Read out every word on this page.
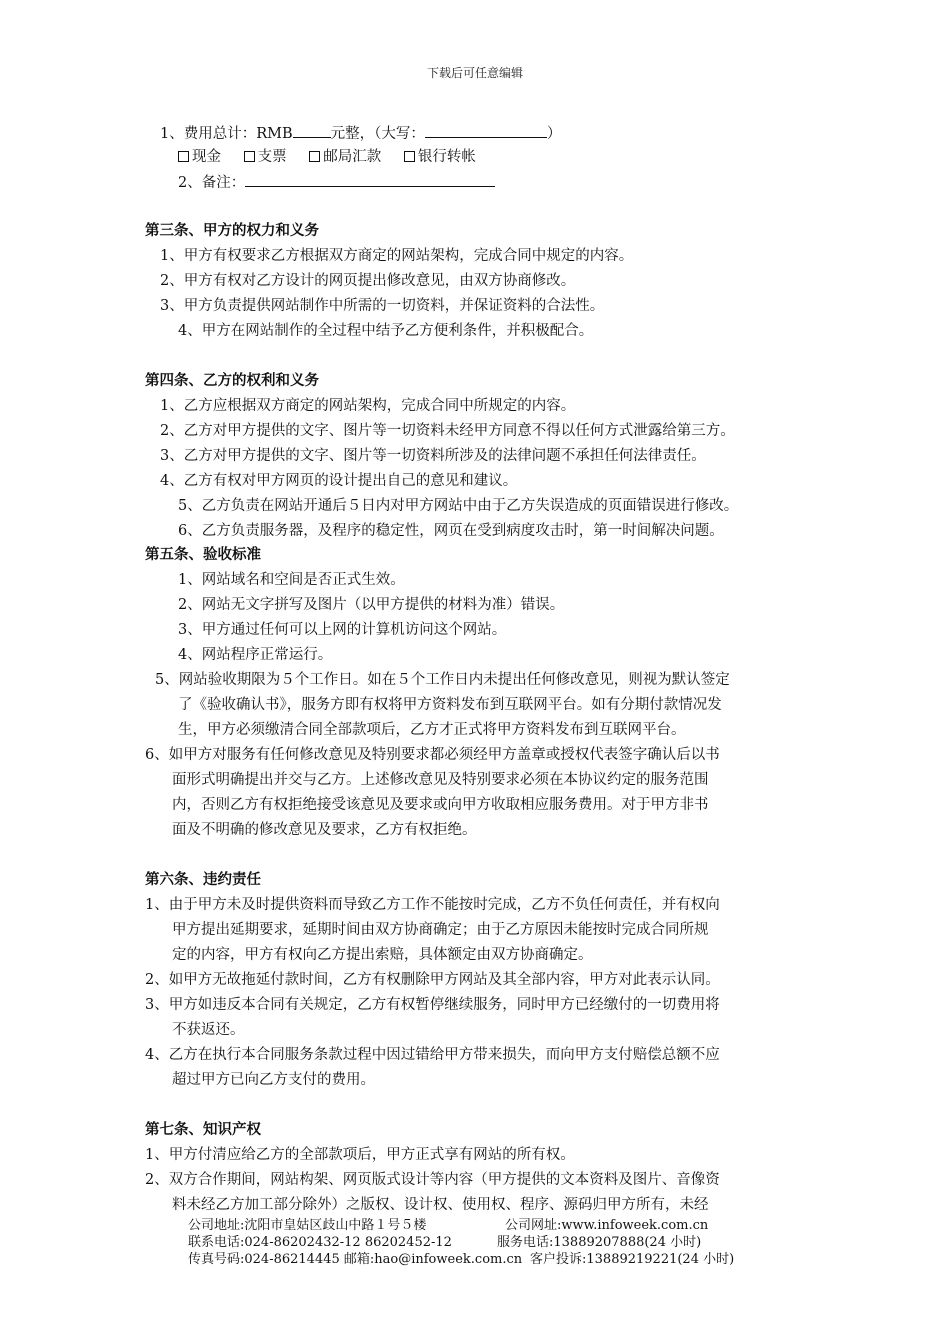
下载后可任意编辑
1、费用总计：RMB	元整，（大写：	）
现金	支票	邮局汇款	银行转帐
2、备注：
第三条、甲方的权力和义务
1、甲方有权要求乙方根据双方商定的网站架构，完成合同中规定的内容。
2、甲方有权对乙方设计的网页提出修改意见，由双方协商修改。
3、甲方负责提供网站制作中所需的一切资料，并保证资料的合法性。
4、甲方在网站制作的全过程中结予乙方便利条件，并积极配合。
第四条、乙方的权利和义务
1、乙方应根据双方商定的网站架构，完成合同中所规定的内容。
2、乙方对甲方提供的文字、图片等一切资料未经甲方同意不得以任何方式泄露给第三方。
3、乙方对甲方提供的文字、图片等一切资料所涉及的法律问题不承担任何法律责任。
4、乙方有权对甲方网页的设计提出自己的意见和建议。
5、乙方负责在网站开通后５日内对甲方网站中由于乙方失误造成的页面错误进行修改。
6、乙方负责服务器，及程序的稳定性，网页在受到病度攻击时，第一时间解决问题。
第五条、验收标准
1、网站域名和空间是否正式生效。
2、网站无文字拼写及图片（以甲方提供的材料为准）错误。
3、甲方通过任何可以上网的计算机访问这个网站。
4、网站程序正常运行。
5、网站验收期限为５个工作日。如在５个工作日内未提出任何修改意见，则视为默认签定
了《验收确认书》，服务方即有权将甲方资料发布到互联网平台。如有分期付款情况发
生，甲方必须缴清合同全部款项后，乙方才正式将甲方资料发布到互联网平台。
6、如甲方对服务有任何修改意见及特别要求都必须经甲方盖章或授权代表签字确认后以书
面形式明确提出并交与乙方。上述修改意见及特别要求必须在本协议约定的服务范围
内，否则乙方有权拒绝接受该意见及要求或向甲方收取相应服务费用。对于甲方非书
面及不明确的修改意见及要求，乙方有权拒绝。
第六条、违约责任
1、由于甲方未及时提供资料而导致乙方工作不能按时完成，乙方不负任何责任，并有权向
甲方提出延期要求，延期时间由双方协商确定；由于乙方原因未能按时完成合同所规
定的内容，甲方有权向乙方提出索赔，具体额定由双方协商确定。
2、如甲方无故拖延付款时间，乙方有权删除甲方网站及其全部内容，甲方对此表示认同。
3、甲方如违反本合同有关规定，乙方有权暂停继续服务，同时甲方已经缴付的一切费用将
不获返还。
4、乙方在执行本合同服务条款过程中因过错给甲方带来损失，而向甲方支付赔偿总额不应
超过甲方已向乙方支付的费用。
第七条、知识产权
1、甲方付清应给乙方的全部款项后，甲方正式享有网站的所有权。
2、双方合作期间，网站构架、网页版式设计等内容（甲方提供的文本资料及图片、音像资
料未经乙方加工部分除外）之版权、设计权、使用权、程序、源码归甲方所有，未经
公司地址:沈阳市皇姑区歧山中路１号５楼	公司网址:www.infoweek.com.cn
联系电话:024-86202432-12 86202452-12	服务电话:13889207888(24 小时)
传真号码:024-86214445 邮箱:hao@infoweek.com.cn 客户投诉:13889219221(24 小时)
